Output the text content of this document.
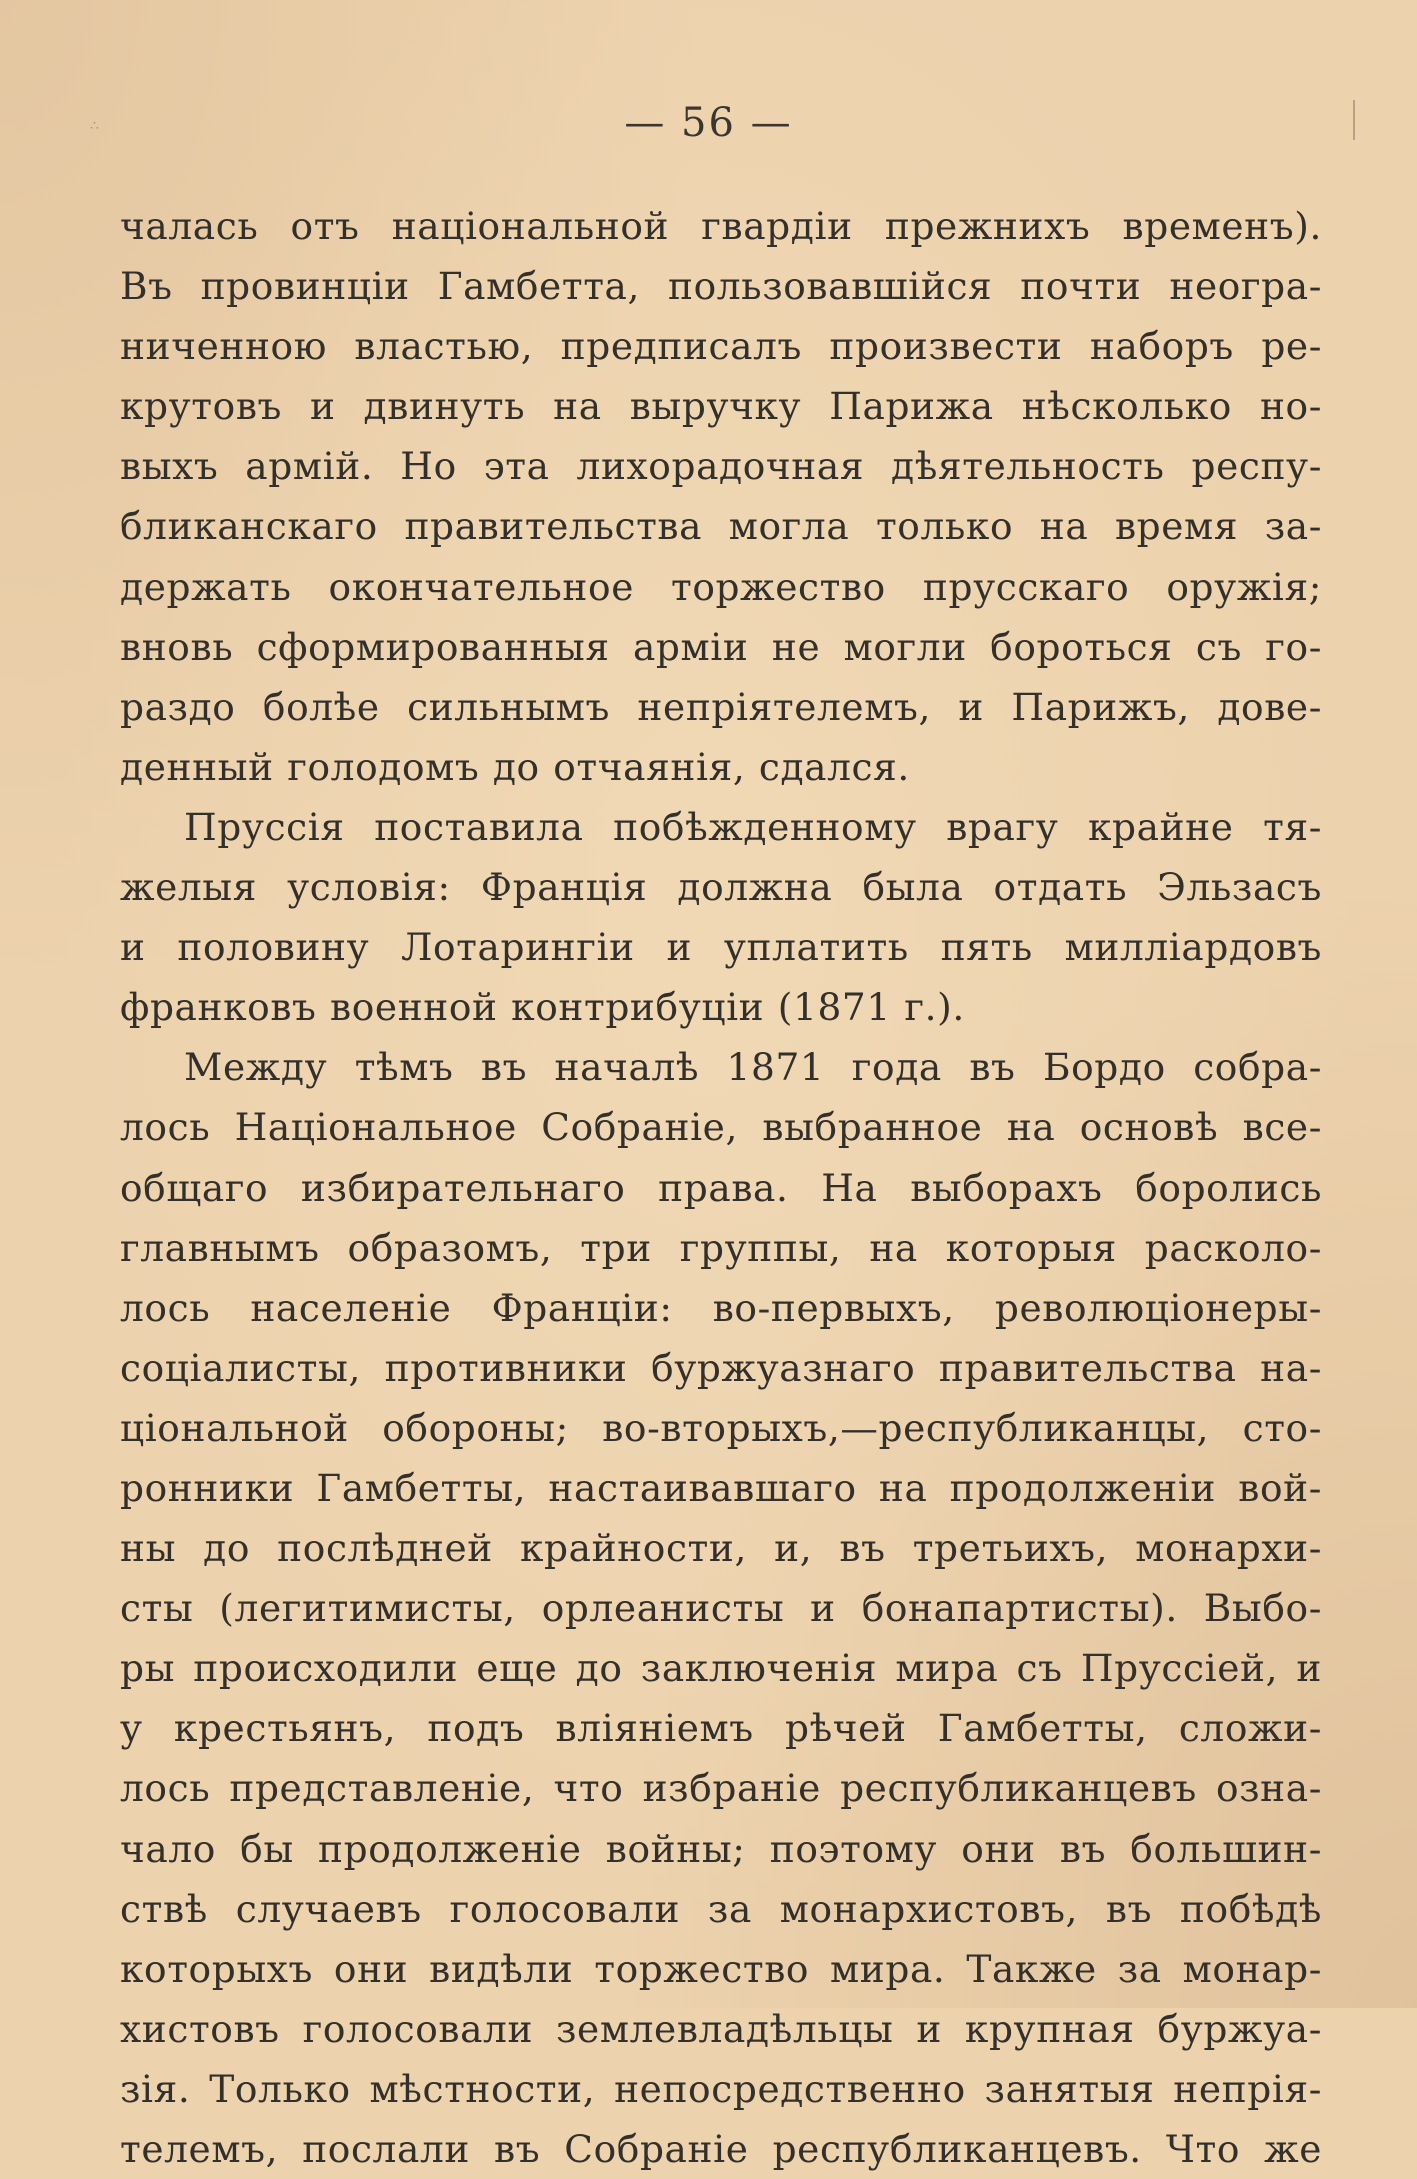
∴	— 56 —
чалась отъ національной гвардіи прежнихъ временъ).
Въ провинціи Гамбетта, пользовавшійся почти неогра-
ниченною властью, предписалъ произвести наборъ ре-
крутовъ и двинуть на выручку Парижа нѣсколько но-
выхъ армій. Но эта лихорадочная дѣятельность респу-
бликанскаго правительства могла только на время за-
держать окончательное торжество прусскаго оружія;
вновь сформированныя арміи не могли бороться съ го-
раздо болѣе сильнымъ непріятелемъ, и Парижъ, дове-
денный голодомъ до отчаянія, сдался.
Пруссія поставила побѣжденному врагу крайне тя-
желыя условія: Франція должна была отдать Эльзасъ
и половину Лотарингіи и уплатить пять милліардовъ
франковъ военной контрибуціи (1871 г.).
Между тѣмъ въ началѣ 1871 года въ Бордо собра-
лось Національное Собраніе, выбранное на основѣ все-
общаго избирательнаго права. На выборахъ боролись
главнымъ образомъ, три группы, на которыя расколо-
лось населеніе Франціи: во-первыхъ, революціонеры-
соціалисты, противники буржуазнаго правительства на-
ціональной обороны; во-вторыхъ,—республиканцы, сто-
ронники Гамбетты, настаивавшаго на продолженіи вой-
ны до послѣдней крайности, и, въ третьихъ, монархи-
сты (легитимисты, орлеанисты и бонапартисты). Выбо-
ры происходили еще до заключенія мира съ Пруссіей, и
у крестьянъ, подъ вліяніемъ рѣчей Гамбетты, сложи-
лось представленіе, что избраніе республиканцевъ озна-
чало бы продолженіе войны; поэтому они въ большин-
ствѣ случаевъ голосовали за монархистовъ, въ побѣдѣ
которыхъ они видѣли торжество мира. Также за монар-
хистовъ голосовали землевладѣльцы и крупная буржуа-
зія. Только мѣстности, непосредственно занятыя непрія-
телемъ, послали въ Собраніе республиканцевъ. Что же
